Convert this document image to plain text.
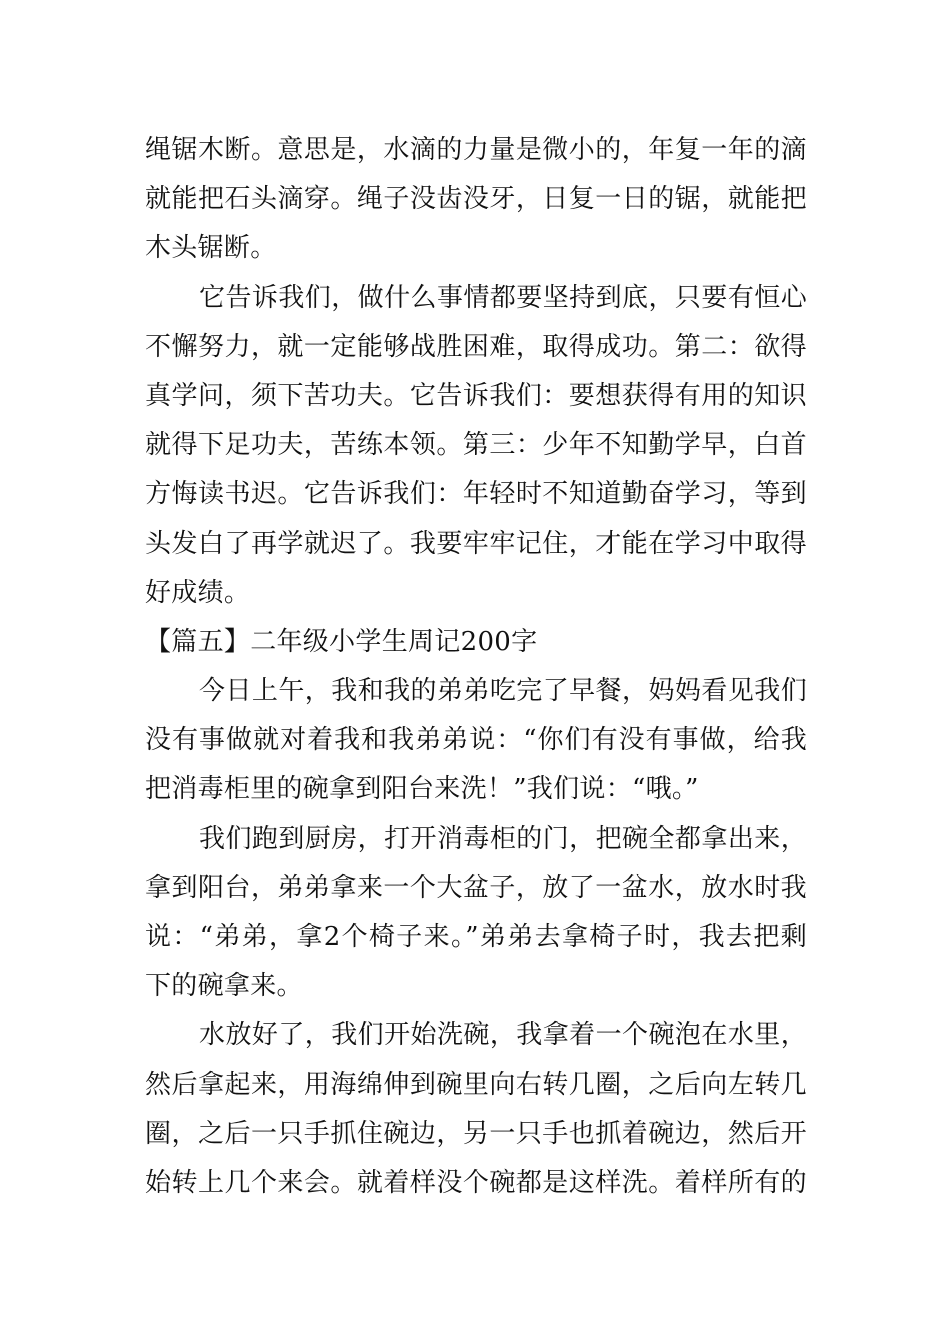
绳锯木断。意思是，水滴的力量是微小的，年复一年的滴
就能把石头滴穿。绳子没齿没牙，日复一日的锯，就能把
木头锯断。
它告诉我们，做什么事情都要坚持到底，只要有恒心
不懈努力，就一定能够战胜困难，取得成功。第二：欲得
真学问，须下苦功夫。它告诉我们：要想获得有用的知识
就得下足功夫，苦练本领。第三：少年不知勤学早，白首
方悔读书迟。它告诉我们：年轻时不知道勤奋学习，等到
头发白了再学就迟了。我要牢牢记住，才能在学习中取得
好成绩。
【篇五】二年级小学生周记200字
今日上午，我和我的弟弟吃完了早餐，妈妈看见我们
没有事做就对着我和我弟弟说：“你们有没有事做，给我
把消毒柜里的碗拿到阳台来洗！”我们说：“哦。”
我们跑到厨房，打开消毒柜的门，把碗全都拿出来，
拿到阳台，弟弟拿来一个大盆子，放了一盆水，放水时我
说：“弟弟，拿2个椅子来。”弟弟去拿椅子时，我去把剩
下的碗拿来。
水放好了，我们开始洗碗，我拿着一个碗泡在水里，
然后拿起来，用海绵伸到碗里向右转几圈，之后向左转几
圈，之后一只手抓住碗边，另一只手也抓着碗边，然后开
始转上几个来会。就着样没个碗都是这样洗。着样所有的
